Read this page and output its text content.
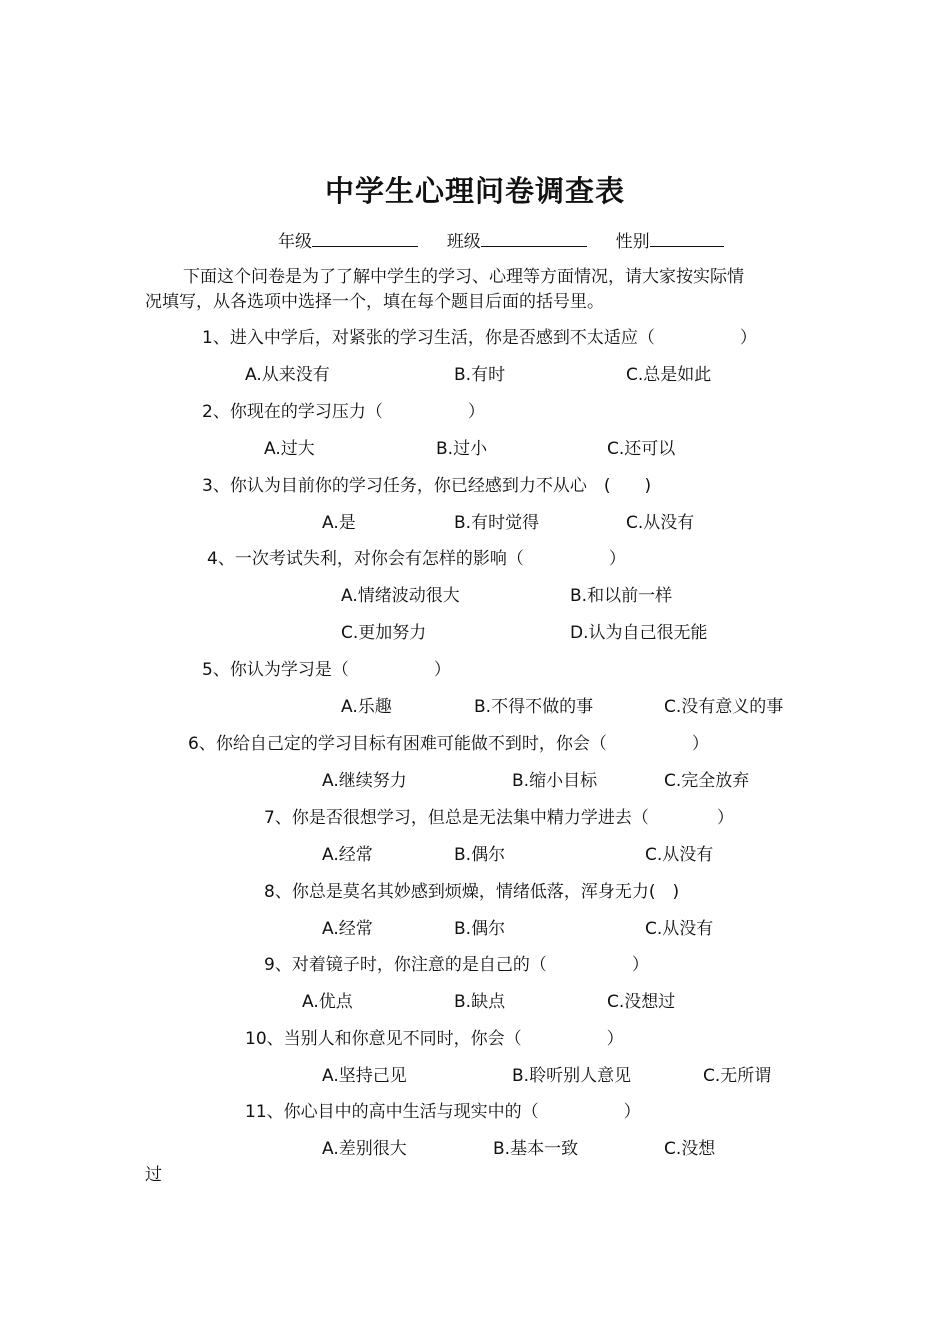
中学生心理问卷调查表
年级	班级	性别
下面这个问卷是为了了解中学生的学习、心理等方面情况，请大家按实际情
况填写，从各选项中选择一个，填在每个题目后面的括号里。
1、进入中学后，对紧张的学习生活，你是否感到不太适应（　　　　　）
A.从来没有	B.有时	C.总是如此
2、你现在的学习压力（　　　　　）
A.过大	B.过小	C.还可以
3、你认为目前你的学习任务，你已经感到力不从心　(　　)
A.是	B.有时觉得	C.从没有
4、一次考试失利，对你会有怎样的影响（　　　　　）
A.情绪波动很大	B.和以前一样
C.更加努力	D.认为自己很无能
5、你认为学习是（　　　　　）
A.乐趣	B.不得不做的事	C.没有意义的事
6、你给自己定的学习目标有困难可能做不到时，你会（　　　　　）
A.继续努力	B.缩小目标	C.完全放弃
7、你是否很想学习，但总是无法集中精力学进去（　　　　）
A.经常	B.偶尔	C.从没有
8、你总是莫名其妙感到烦燥，情绪低落，浑身无力(　)
A.经常	B.偶尔	C.从没有
9、对着镜子时，你注意的是自己的（　　　　　）
A.优点	B.缺点	C.没想过
10、当别人和你意见不同时，你会（　　　　　）
A.坚持己见	B.聆听别人意见	C.无所谓
11、你心目中的高中生活与现实中的（　　　　　）
A.差别很大	B.基本一致	C.没想
过
